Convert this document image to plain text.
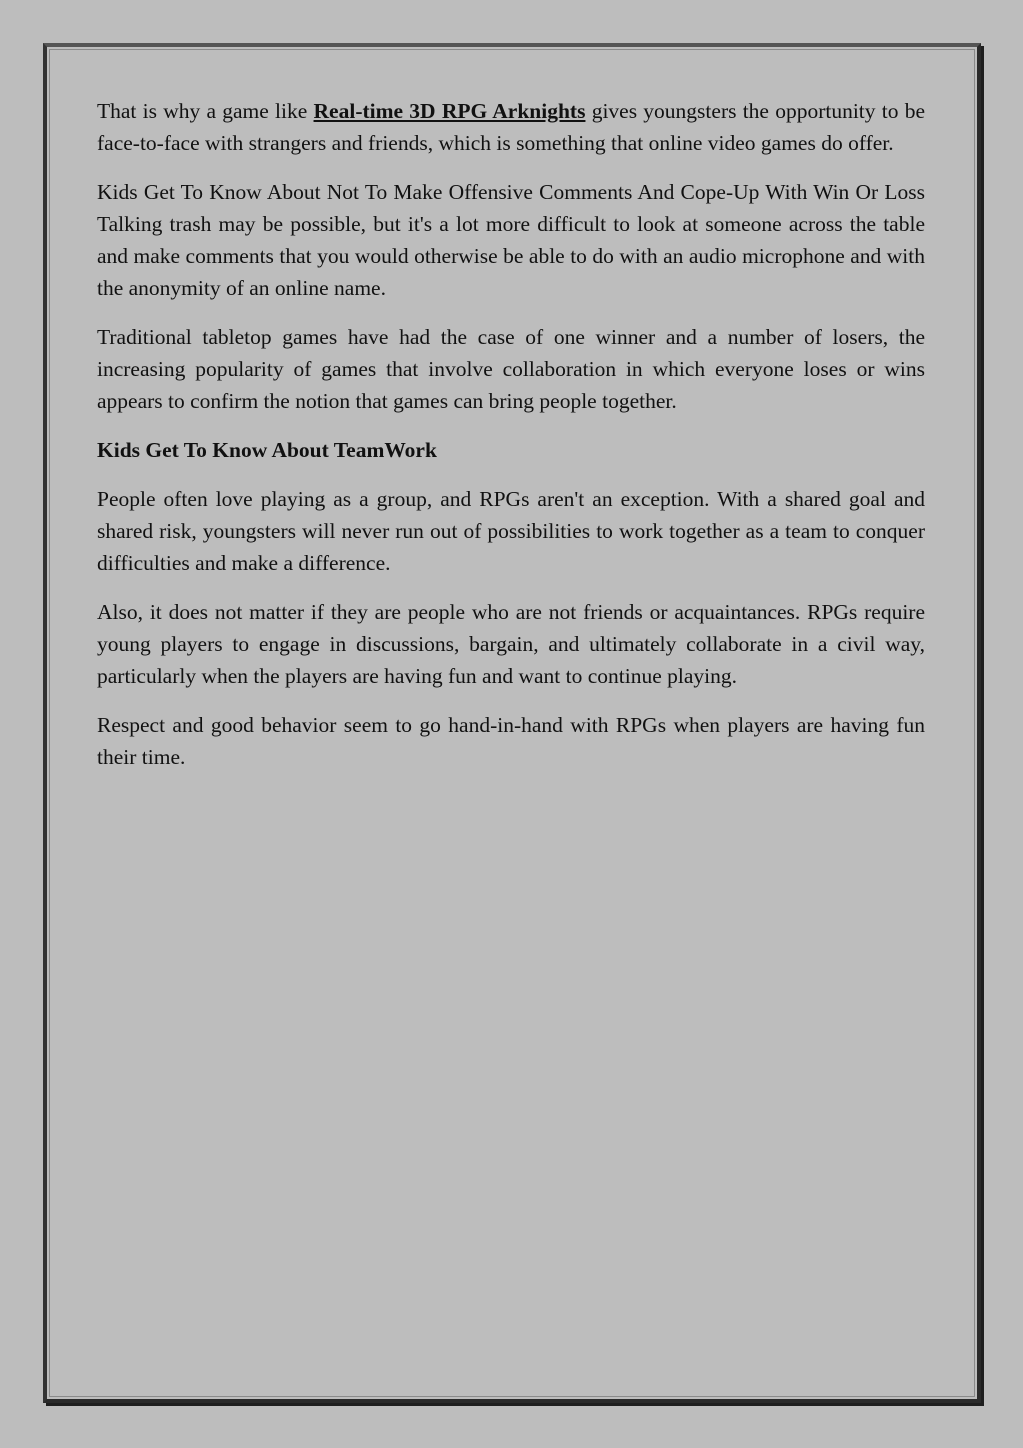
That is why a game like Real-time 3D RPG Arknights gives youngsters the opportunity to be face-to-face with strangers and friends, which is something that online video games do offer.

Kids Get To Know About Not To Make Offensive Comments And Cope-Up With Win Or Loss Talking trash may be possible, but it's a lot more difficult to look at someone across the table and make comments that you would otherwise be able to do with an audio microphone and with the anonymity of an online name.

Traditional tabletop games have had the case of one winner and a number of losers, the increasing popularity of games that involve collaboration in which everyone loses or wins appears to confirm the notion that games can bring people together.

Kids Get To Know About TeamWork

People often love playing as a group, and RPGs aren't an exception. With a shared goal and shared risk, youngsters will never run out of possibilities to work together as a team to conquer difficulties and make a difference.

Also, it does not matter if they are people who are not friends or acquaintances. RPGs require young players to engage in discussions, bargain, and ultimately collaborate in a civil way, particularly when the players are having fun and want to continue playing.

Respect and good behavior seem to go hand-in-hand with RPGs when players are having fun their time.
